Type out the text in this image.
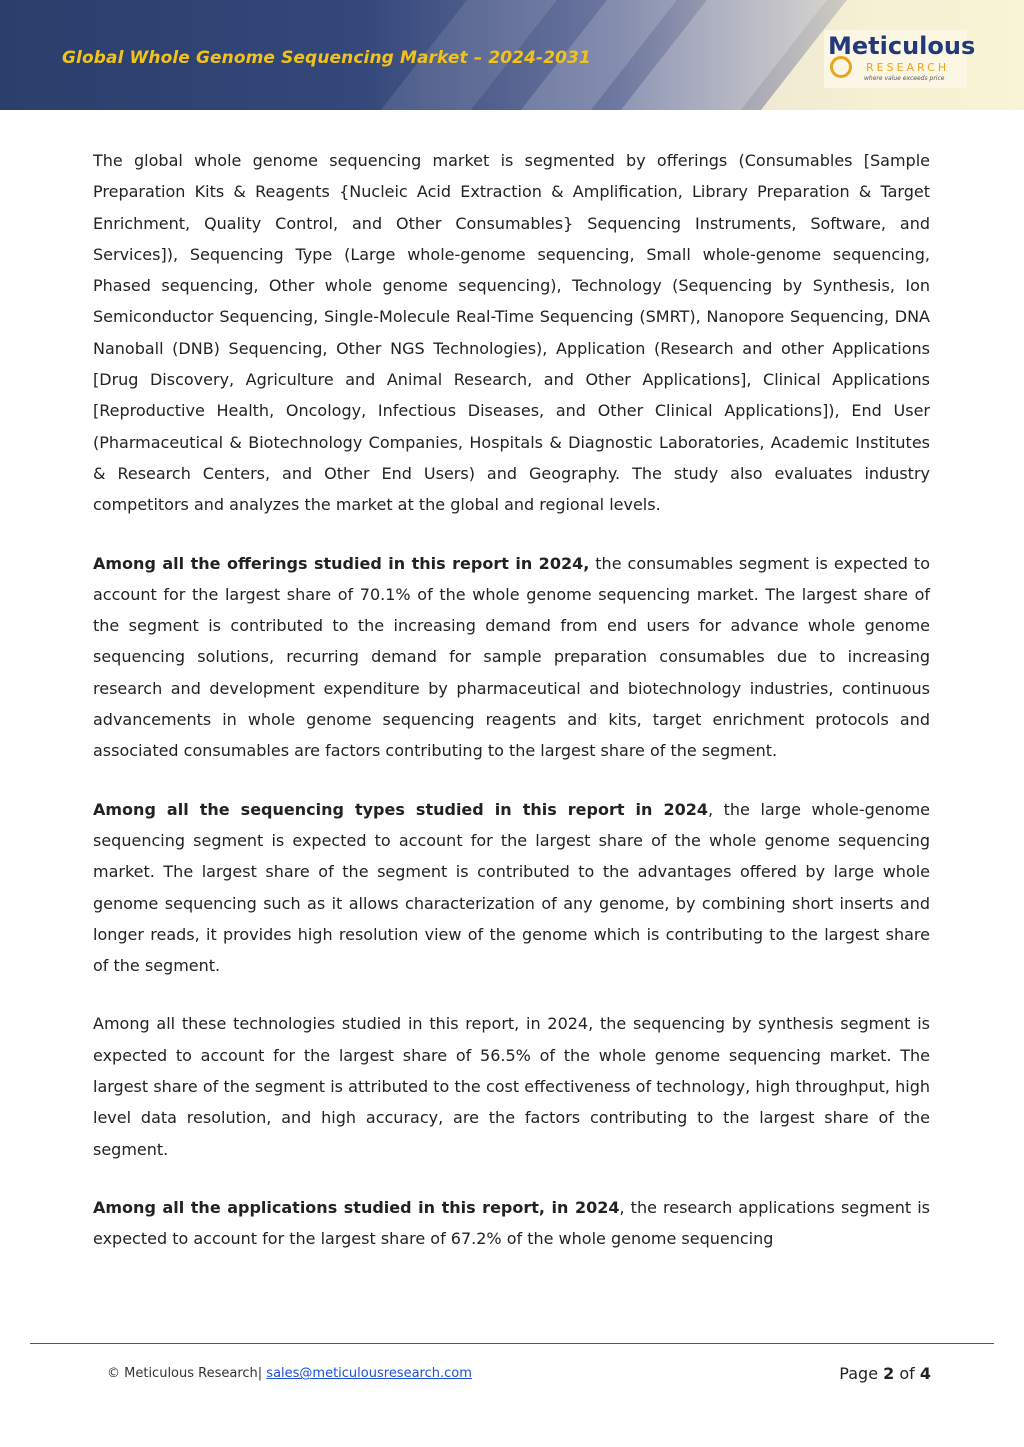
Global Whole Genome Sequencing Market – 2024-2031	Meticulous
RESEARCH
where value exceeds price

The global whole genome sequencing market is segmented by offerings (Consumables [Sample Preparation Kits & Reagents {Nucleic Acid Extraction & Amplification, Library Preparation & Target Enrichment, Quality Control, and Other Consumables} Sequencing Instruments, Software, and Services]), Sequencing Type (Large whole-genome sequencing, Small whole-genome sequencing, Phased sequencing, Other whole genome sequencing), Technology (Sequencing by Synthesis, Ion Semiconductor Sequencing, Single-Molecule Real-Time Sequencing (SMRT), Nanopore Sequencing, DNA Nanoball (DNB) Sequencing, Other NGS Technologies), Application (Research and other Applications [Drug Discovery, Agriculture and Animal Research, and Other Applications], Clinical Applications [Reproductive Health, Oncology, Infectious Diseases, and Other Clinical Applications]), End User (Pharmaceutical & Biotechnology Companies, Hospitals & Diagnostic Laboratories, Academic Institutes & Research Centers, and Other End Users) and Geography. The study also evaluates industry competitors and analyzes the market at the global and regional levels.

Among all the offerings studied in this report in 2024, the consumables segment is expected to account for the largest share of 70.1% of the whole genome sequencing market. The largest share of the segment is contributed to the increasing demand from end users for advance whole genome sequencing solutions, recurring demand for sample preparation consumables due to increasing research and development expenditure by pharmaceutical and biotechnology industries, continuous advancements in whole genome sequencing reagents and kits, target enrichment protocols and associated consumables are factors contributing to the largest share of the segment.

Among all the sequencing types studied in this report in 2024, the large whole-genome sequencing segment is expected to account for the largest share of the whole genome sequencing market. The largest share of the segment is contributed to the advantages offered by large whole genome sequencing such as it allows characterization of any genome, by combining short inserts and longer reads, it provides high resolution view of the genome which is contributing to the largest share of the segment.

Among all these technologies studied in this report, in 2024, the sequencing by synthesis segment is expected to account for the largest share of 56.5% of the whole genome sequencing market. The largest share of the segment is attributed to the cost effectiveness of technology, high throughput, high level data resolution, and high accuracy, are the factors contributing to the largest share of the segment.

Among all the applications studied in this report, in 2024, the research applications segment is expected to account for the largest share of 67.2% of the whole genome sequencing

© Meticulous Research| sales@meticulousresearch.com	Page 2 of 4
